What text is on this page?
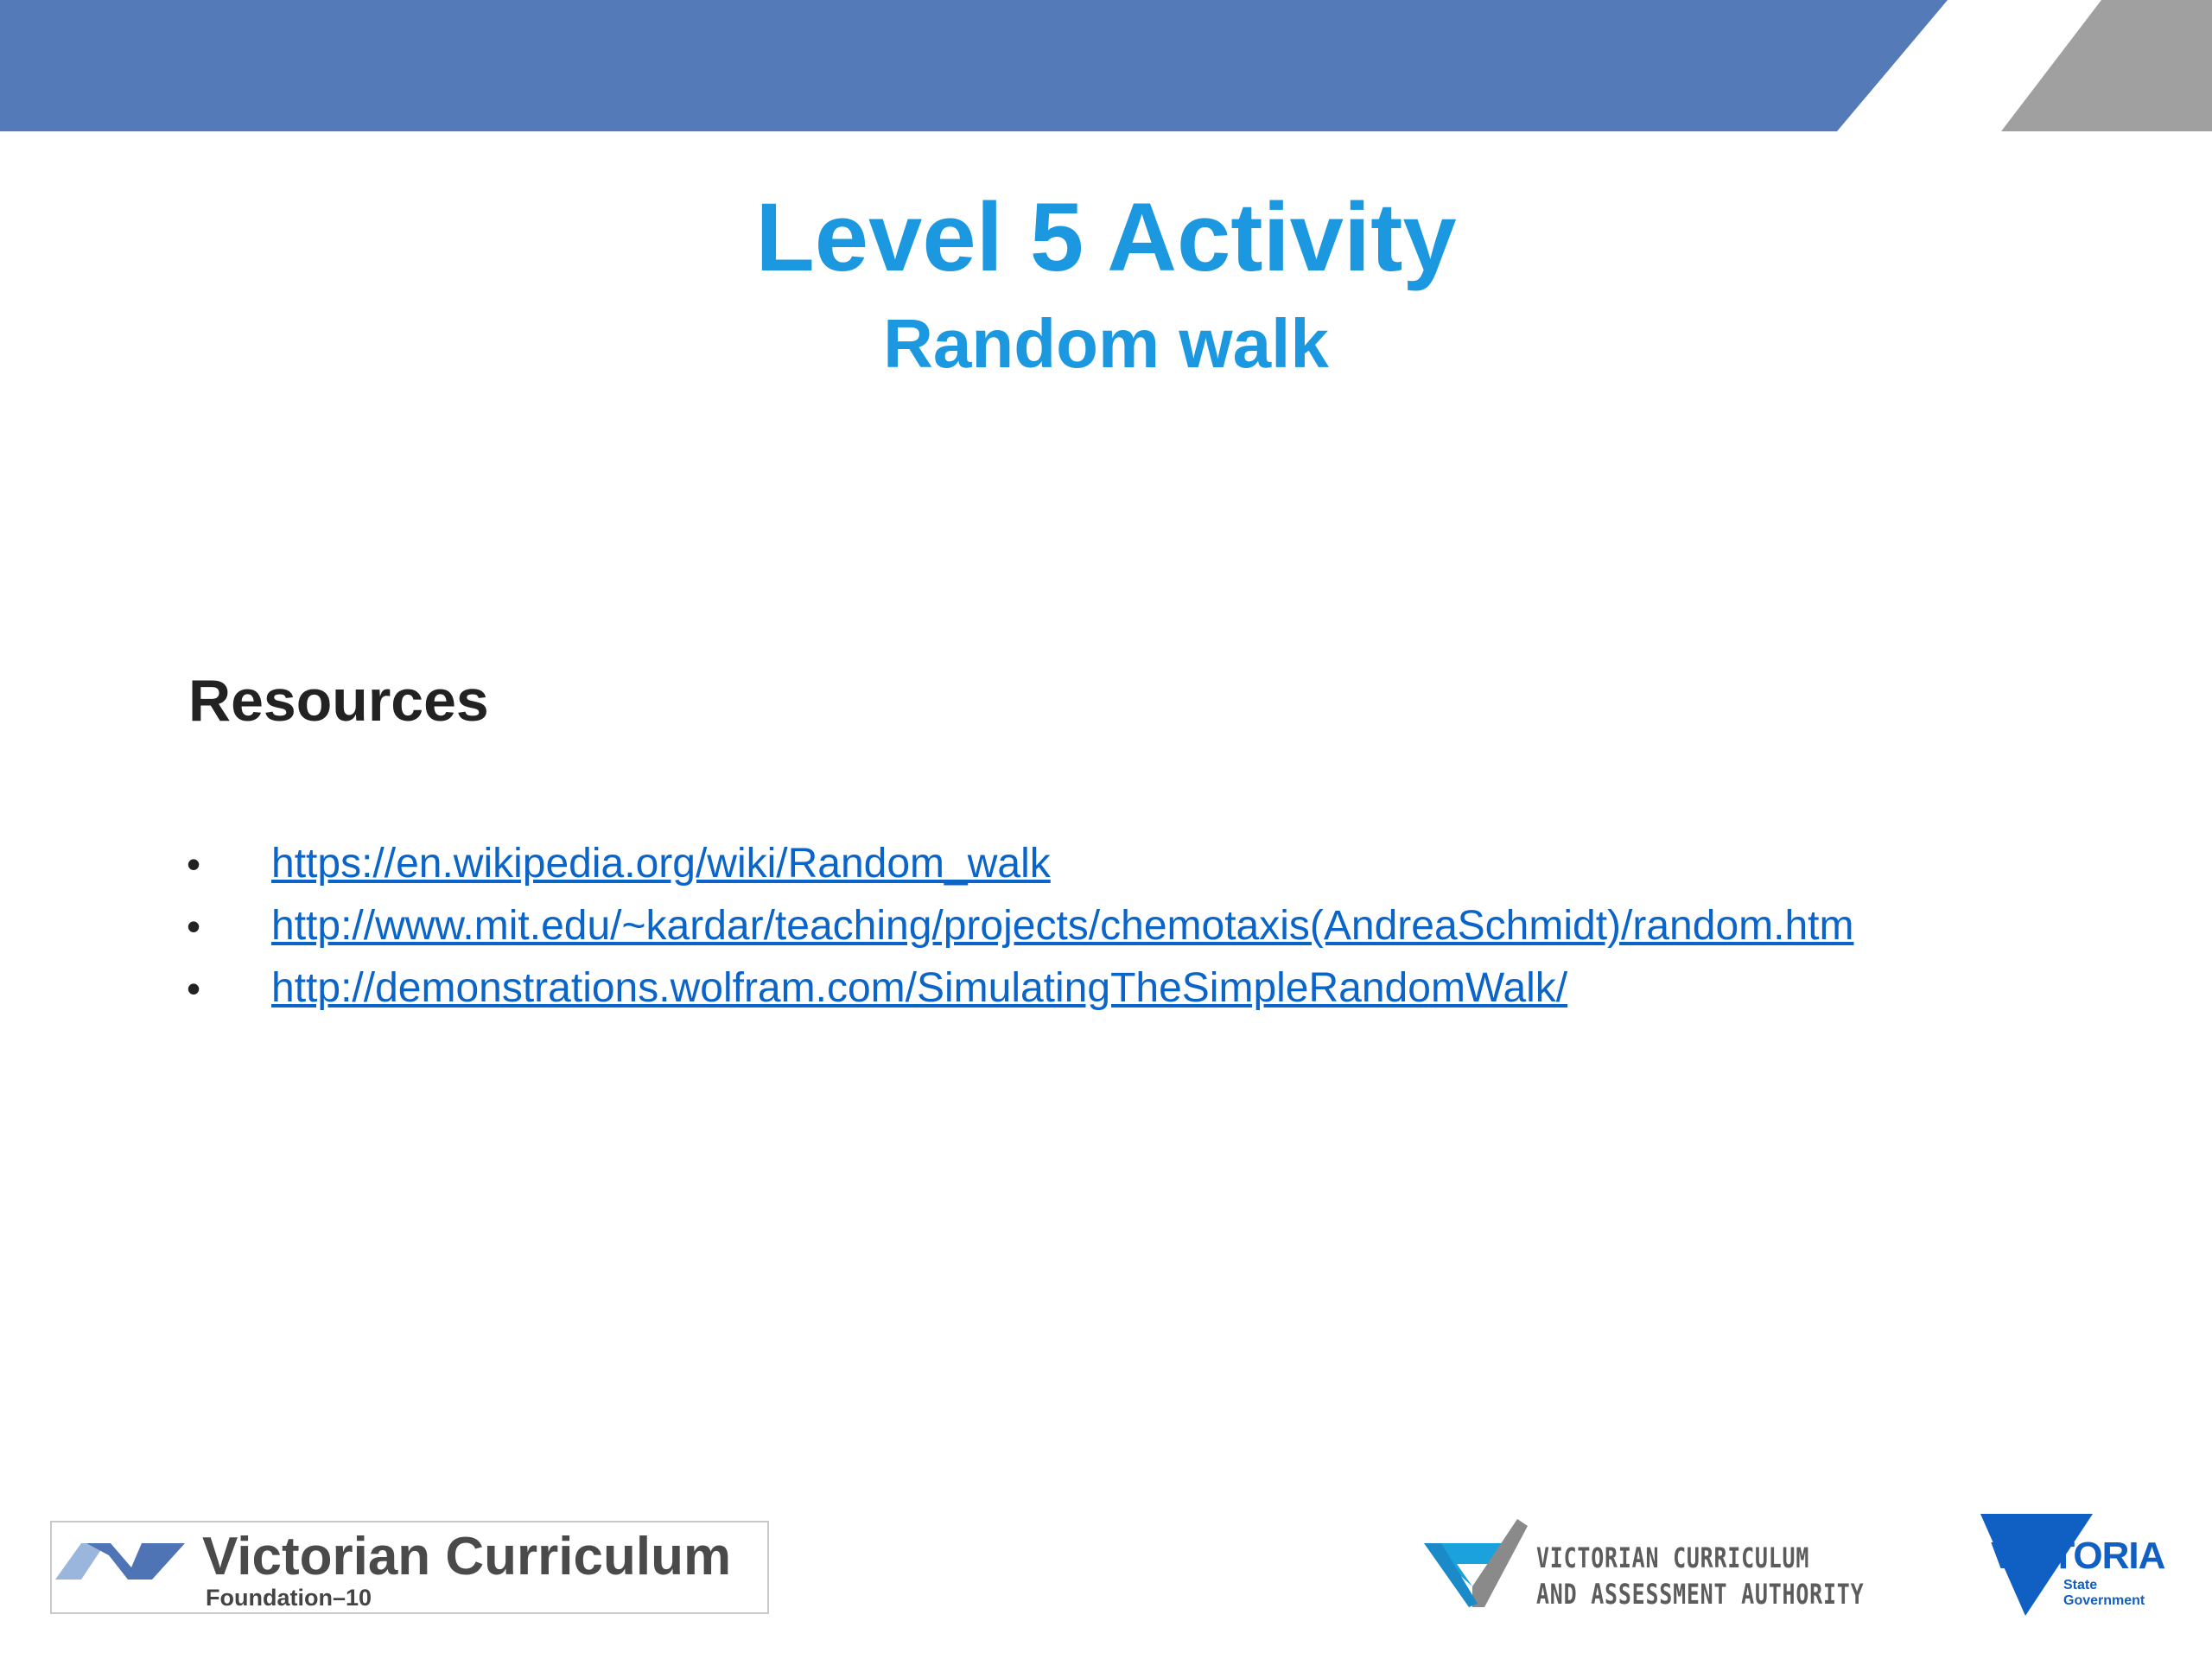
Level 5 Activity
Random walk
Resources
• https://en.wikipedia.org/wiki/Random_walk
• http://www.mit.edu/~kardar/teaching/projects/chemotaxis(AndreaSchmidt)/random.htm
• http://demonstrations.wolfram.com/SimulatingTheSimpleRandomWalk/
Victorian Curriculum
Foundation–10
VICTORIAN CURRICULUM
AND ASSESSMENT AUTHORITY
VICTORIA
State
Government
